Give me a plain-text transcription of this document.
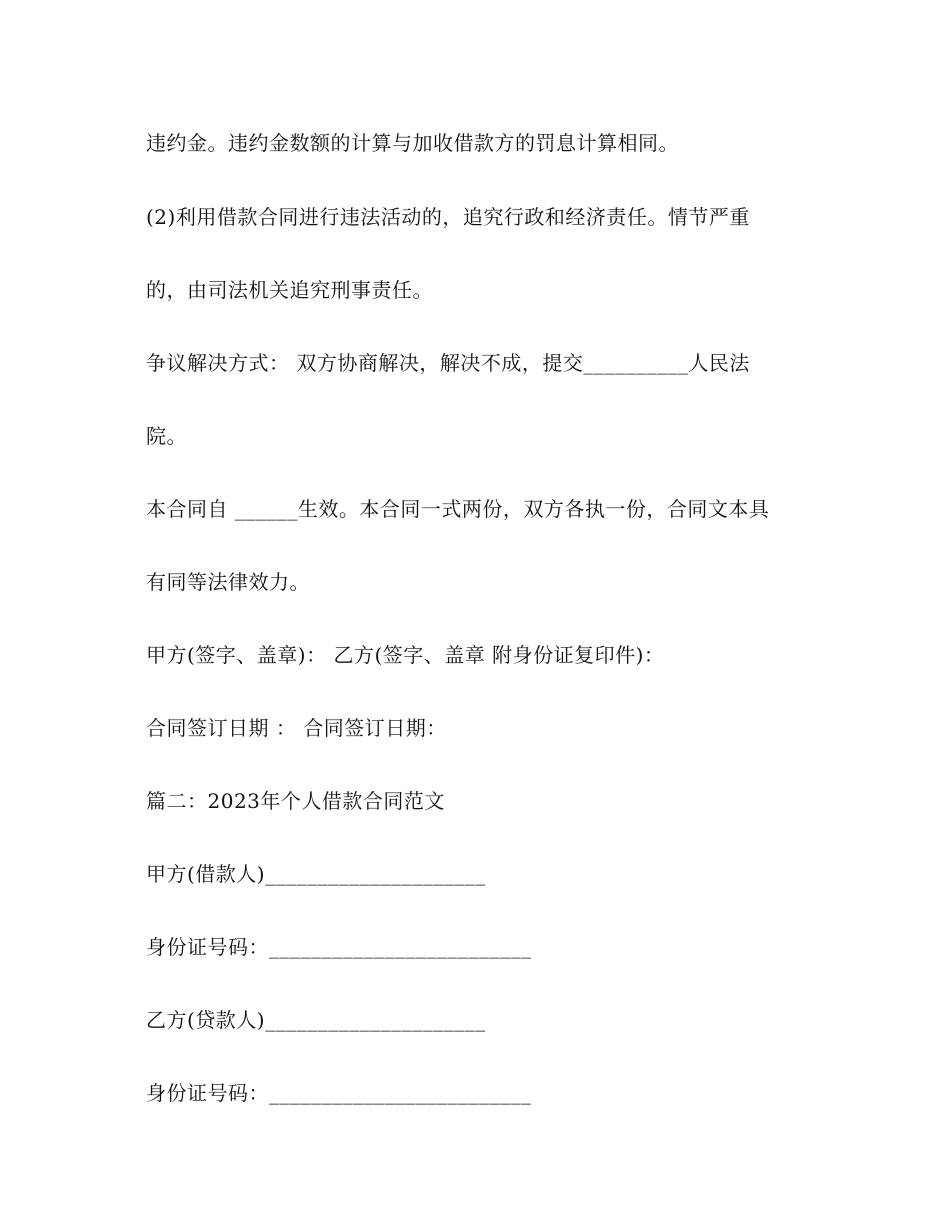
违约金。违约金数额的计算与加收借款方的罚息计算相同。
(2)利用借款合同进行违法活动的，追究行政和经济责任。情节严重
的，由司法机关追究刑事责任。
争议解决方式： 双方协商解决，解决不成，提交__________人民法
院。
本合同自 ______生效。本合同一式两份，双方各执一份，合同文本具
有同等法律效力。
甲方(签字、盖章)： 乙方(签字、盖章 附身份证复印件)：
合同签订日期 ： 合同签订日期：
篇二：2023年个人借款合同范文
甲方(借款人)_____________________
身份证号码：_________________________
乙方(贷款人)_____________________
身份证号码：_________________________
